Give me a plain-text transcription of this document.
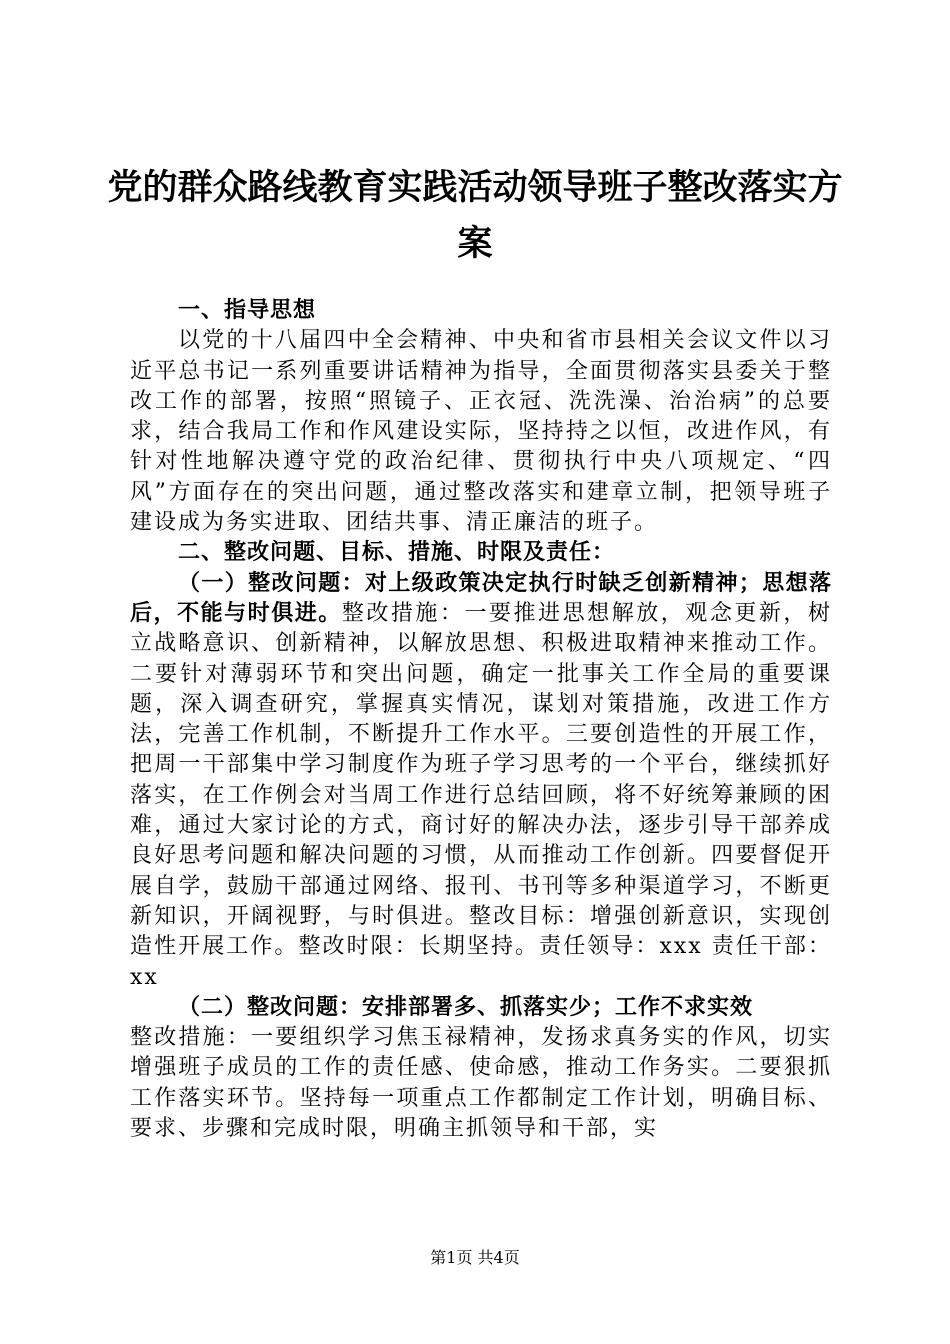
党的群众路线教育实践活动领导班子整改落实方案

一、指导思想

以党的十八届四中全会精神、中央和省市县相关会议文件以习近平总书记一系列重要讲话精神为指导，全面贯彻落实县委关于整改工作的部署，按照“照镜子、正衣冠、洗洗澡、治治病”的总要求，结合我局工作和作风建设实际，坚持持之以恒，改进作风，有针对性地解决遵守党的政治纪律、贯彻执行中央八项规定、“四风”方面存在的突出问题，通过整改落实和建章立制，把领导班子建设成为务实进取、团结共事、清正廉洁的班子。

二、整改问题、目标、措施、时限及责任：

（一）整改问题：对上级政策决定执行时缺乏创新精神；思想落后，不能与时俱进。整改措施：一要推进思想解放，观念更新，树立战略意识、创新精神，以解放思想、积极进取精神来推动工作。二要针对薄弱环节和突出问题，确定一批事关工作全局的重要课题，深入调查研究，掌握真实情况，谋划对策措施，改进工作方法，完善工作机制，不断提升工作水平。三要创造性的开展工作，把周一干部集中学习制度作为班子学习思考的一个平台，继续抓好落实，在工作例会对当周工作进行总结回顾，将不好统筹兼顾的困难，通过大家讨论的方式，商讨好的解决办法，逐步引导干部养成良好思考问题和解决问题的习惯，从而推动工作创新。四要督促开展自学，鼓励干部通过网络、报刊、书刊等多种渠道学习，不断更新知识，开阔视野，与时俱进。整改目标：增强创新意识，实现创造性开展工作。整改时限：长期坚持。责任领导：xxx 责任干部：xx

（二）整改问题：安排部署多、抓落实少；工作不求实效

整改措施：一要组织学习焦玉禄精神，发扬求真务实的作风，切实增强班子成员的工作的责任感、使命感，推动工作务实。二要狠抓工作落实环节。坚持每一项重点工作都制定工作计划，明确目标、要求、步骤和完成时限，明确主抓领导和干部，实

第1页 共4页
